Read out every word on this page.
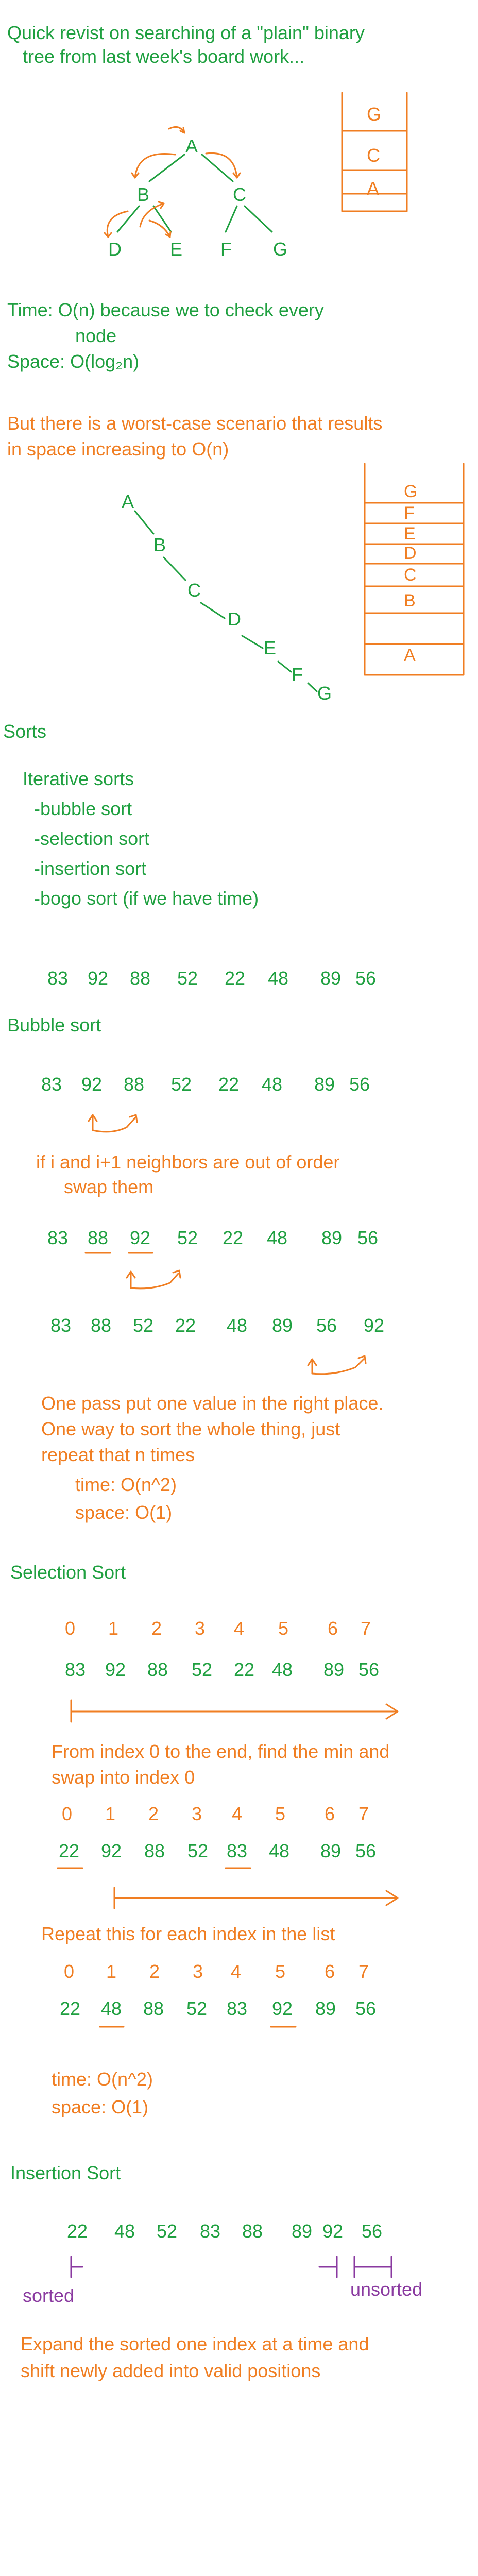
Quick revist on searching of a "plain" binary
tree from last week's board work...
A
B	C
D	E F G
G
C
A
Time: O(n) because we to check every
node
Space: O(log₂n)
But there is a worst-case scenario that results
in space increasing to O(n)
A
B
C
D
E
F
G
G
F
E
D
C
B
A
Sorts
Iterative sorts
-bubble sort
-selection sort
-insertion sort
-bogo sort (if we have time)
83 92 88 52 22 48 89 56
Bubble sort
83 92 88 52 22 48 89 56
if i and i+1 neighbors are out of order
swap them
83 88 92 52 22 48 89 56
83 88 52 22 48 89 56 92
One pass put one value in the right place.
One way to sort the whole thing, just
repeat that n times
time: O(n^2)
space: O(1)
Selection Sort
0 1 2 3 4 5 6 7
83 92 88 52 22 48 89 56
From index 0 to the end, find the min and
swap into index 0
0 1 2 3 4 5 6 7
22 92 88 52 83 48 89 56
Repeat this for each index in the list
0 1 2 3 4 5 6 7
22 48 88 52 83 92 89 56
time: O(n^2)
space: O(1)
Insertion Sort
22 48 52 83 88 89 92 56
sorted	unsorted
Expand the sorted one index at a time and
shift newly added into valid positions
